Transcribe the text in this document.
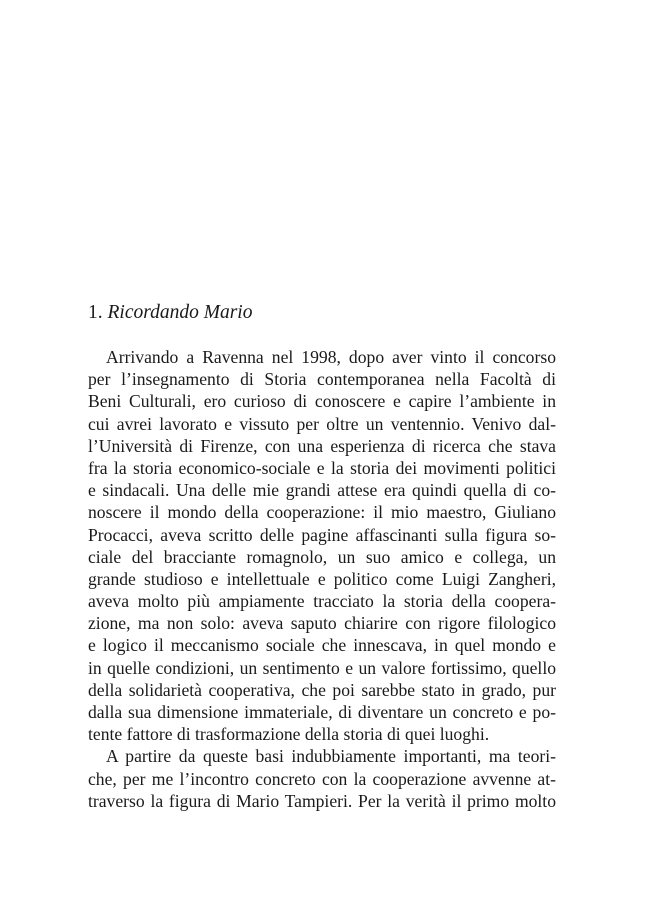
1. Ricordando Mario
Arrivando a Ravenna nel 1998, dopo aver vinto il concorso
per l’insegnamento di Storia contemporanea nella Facoltà di
Beni Culturali, ero curioso di conoscere e capire l’ambiente in
cui avrei lavorato e vissuto per oltre un ventennio. Venivo dal-
l’Università di Firenze, con una esperienza di ricerca che stava
fra la storia economico-sociale e la storia dei movimenti politici
e sindacali. Una delle mie grandi attese era quindi quella di co-
noscere il mondo della cooperazione: il mio maestro, Giuliano
Procacci, aveva scritto delle pagine affascinanti sulla figura so-
ciale del bracciante romagnolo, un suo amico e collega, un
grande studioso e intellettuale e politico come Luigi Zangheri,
aveva molto più ampiamente tracciato la storia della coopera-
zione, ma non solo: aveva saputo chiarire con rigore filologico
e logico il meccanismo sociale che innescava, in quel mondo e
in quelle condizioni, un sentimento e un valore fortissimo, quello
della solidarietà cooperativa, che poi sarebbe stato in grado, pur
dalla sua dimensione immateriale, di diventare un concreto e po-
tente fattore di trasformazione della storia di quei luoghi.
A partire da queste basi indubbiamente importanti, ma teori-
che, per me l’incontro concreto con la cooperazione avvenne at-
traverso la figura di Mario Tampieri. Per la verità il primo molto
